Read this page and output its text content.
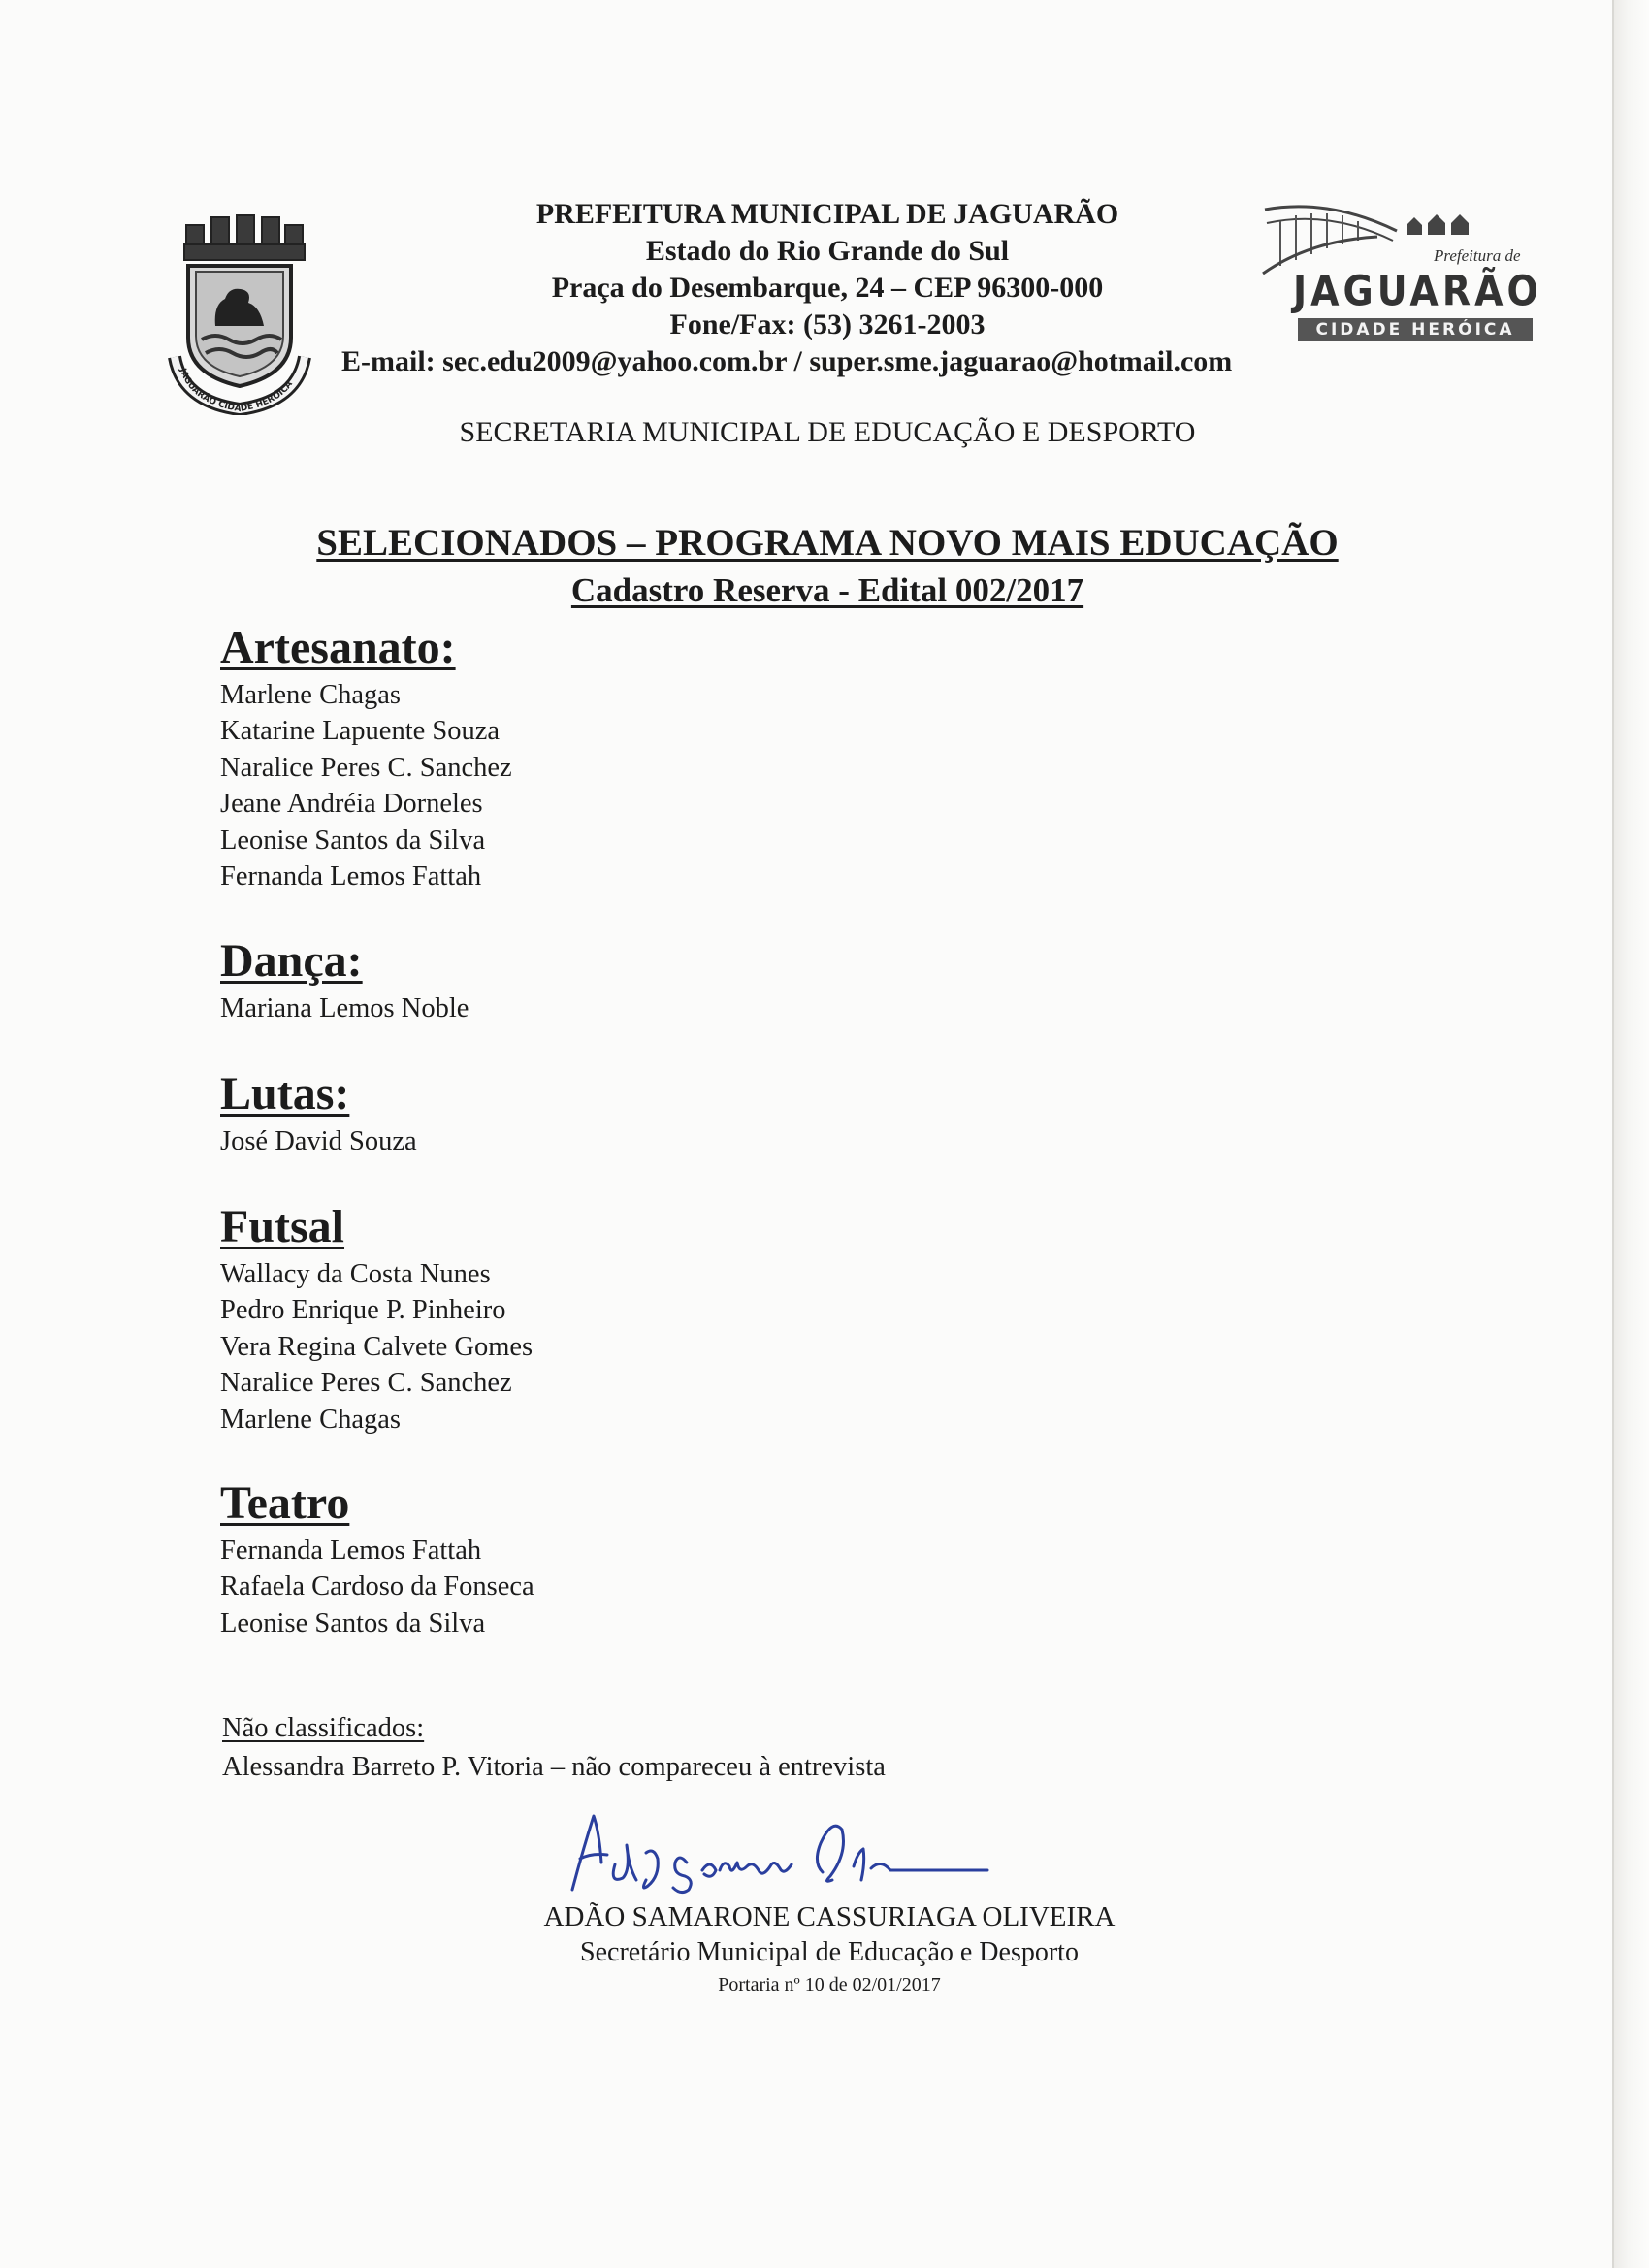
JAGUARÃO CIDADE HERÓICA
Prefeitura de
JAGUARÃO
CIDADE HERÓICA
PREFEITURA MUNICIPAL DE JAGUARÃO
Estado do Rio Grande do Sul
Praça do Desembarque, 24 – CEP 96300-000
Fone/Fax: (53) 3261-2003
E-mail: sec.edu2009@yahoo.com.br / super.sme.jaguarao@hotmail.com
SECRETARIA MUNICIPAL DE EDUCAÇÃO E DESPORTO
SELECIONADOS – PROGRAMA NOVO MAIS EDUCAÇÃO
Cadastro Reserva - Edital 002/2017
Artesanato:
Marlene Chagas
Katarine Lapuente Souza
Naralice Peres C. Sanchez
Jeane Andréia Dorneles
Leonise Santos da Silva
Fernanda Lemos Fattah
Dança:
Mariana Lemos Noble
Lutas:
José David Souza
Futsal
Wallacy da Costa Nunes
Pedro Enrique P. Pinheiro
Vera Regina Calvete Gomes
Naralice Peres C. Sanchez
Marlene Chagas
Teatro
Fernanda Lemos Fattah
Rafaela Cardoso da Fonseca
Leonise Santos da Silva
Não classificados:
Alessandra Barreto P. Vitoria – não compareceu à entrevista
ADÃO SAMARONE CASSURIAGA OLIVEIRA
Secretário Municipal de Educação e Desporto
Portaria nº 10 de 02/01/2017
